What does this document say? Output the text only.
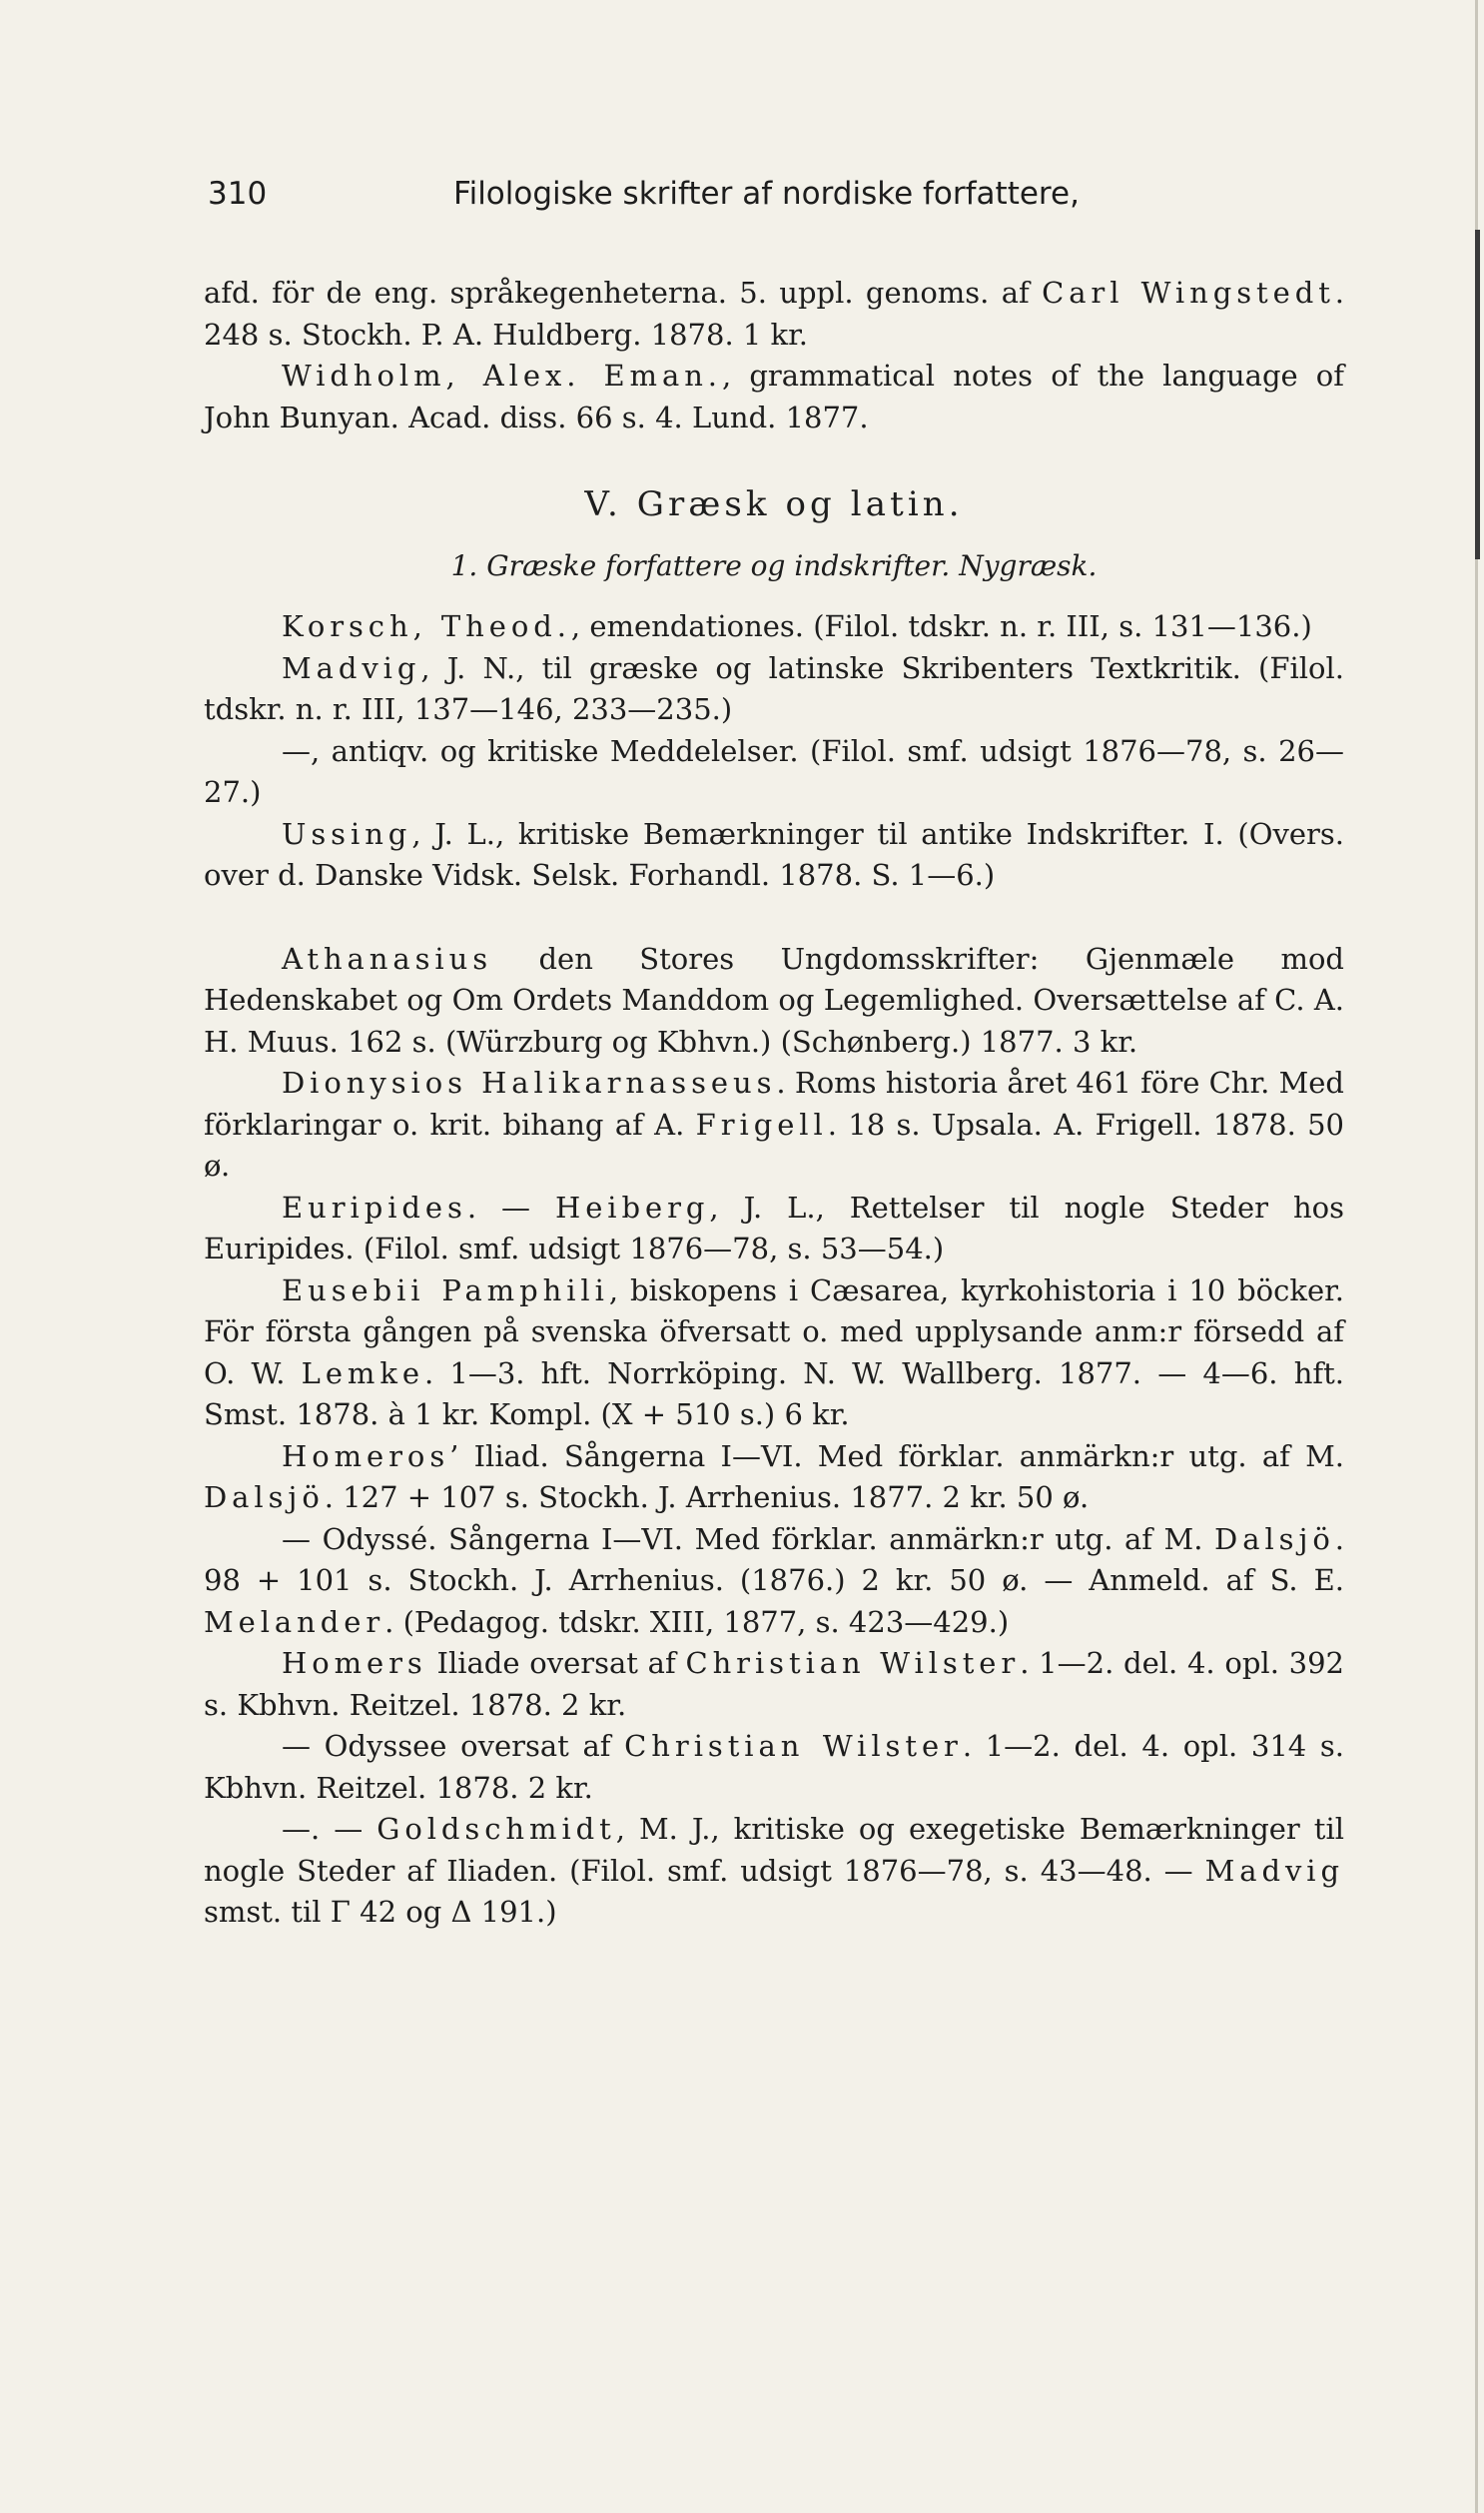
310	Filologiske skrifter af nordiske forfattere,

afd. för de eng. språkegenheterna. 5. uppl. genoms. af Carl Wingstedt. 248 s. Stockh. P. A. Huldberg. 1878. 1 kr.

Widholm, Alex. Eman., grammatical notes of the language of John Bunyan. Acad. diss. 66 s. 4. Lund. 1877.

V. Græsk og latin.
1. Græske forfattere og indskrifter. Nygræsk.

Korsch, Theod., emendationes. (Filol. tdskr. n. r. III, s. 131—136.)

Madvig, J. N., til græske og latinske Skribenters Textkritik. (Filol. tdskr. n. r. III, 137—146, 233—235.)

—, antiqv. og kritiske Meddelelser. (Filol. smf. udsigt 1876—78, s. 26—27.)

Ussing, J. L., kritiske Bemærkninger til antike Indskrifter. I. (Overs. over d. Danske Vidsk. Selsk. Forhandl. 1878. S. 1—6.)

Athanasius den Stores Ungdomsskrifter: Gjenmæle mod Hedenskabet og Om Ordets Manddom og Legemlighed. Oversættelse af C. A. H. Muus. 162 s. (Würzburg og Kbhvn.) (Schønberg.) 1877. 3 kr.

Dionysios Halikarnasseus. Roms historia året 461 före Chr. Med förklaringar o. krit. bihang af A. Frigell. 18 s. Upsala. A. Frigell. 1878. 50 ø.

Euripides. — Heiberg, J. L., Rettelser til nogle Steder hos Euripides. (Filol. smf. udsigt 1876—78, s. 53—54.)

Eusebii Pamphili, biskopens i Cæsarea, kyrkohistoria i 10 böcker. För första gången på svenska öfversatt o. med upplysande anm:r försedd af O. W. Lemke. 1—3. hft. Norrköping. N. W. Wallberg. 1877. — 4—6. hft. Smst. 1878. à 1 kr. Kompl. (X + 510 s.) 6 kr.

Homeros’ Iliad. Sångerna I—VI. Med förklar. anmärkn:r utg. af M. Dalsjö. 127 + 107 s. Stockh. J. Arrhenius. 1877. 2 kr. 50 ø.

— Odyssé. Sångerna I—VI. Med förklar. anmärkn:r utg. af M. Dalsjö. 98 + 101 s. Stockh. J. Arrhenius. (1876.) 2 kr. 50 ø. — Anmeld. af S. E. Melander. (Pedagog. tdskr. XIII, 1877, s. 423—429.)

Homers Iliade oversat af Christian Wilster. 1—2. del. 4. opl. 392 s. Kbhvn. Reitzel. 1878. 2 kr.

— Odyssee oversat af Christian Wilster. 1—2. del. 4. opl. 314 s. Kbhvn. Reitzel. 1878. 2 kr.

—. — Goldschmidt, M. J., kritiske og exegetiske Bemærkninger til nogle Steder af Iliaden. (Filol. smf. udsigt 1876—78, s. 43—48. — Madvig smst. til Γ 42 og Δ 191.)
